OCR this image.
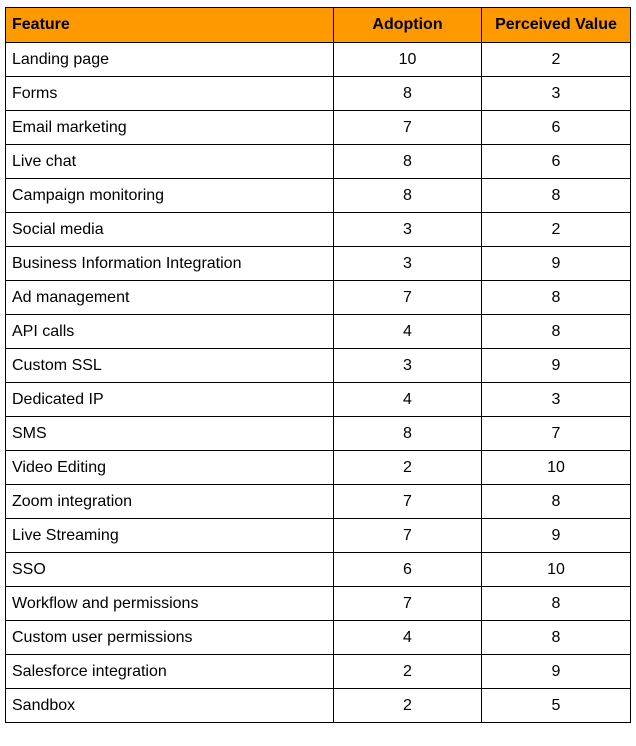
Feature	Adoption	Perceived Value
Landing page	10	2
Forms	8	3
Email marketing	7	6
Live chat	8	6
Campaign monitoring	8	8
Social media	3	2
Business Information Integration	3	9
Ad management	7	8
API calls	4	8
Custom SSL	3	9
Dedicated IP	4	3
SMS	8	7
Video Editing	2	10
Zoom integration	7	8
Live Streaming	7	9
SSO	6	10
Workflow and permissions	7	8
Custom user permissions	4	8
Salesforce integration	2	9
Sandbox	2	5
